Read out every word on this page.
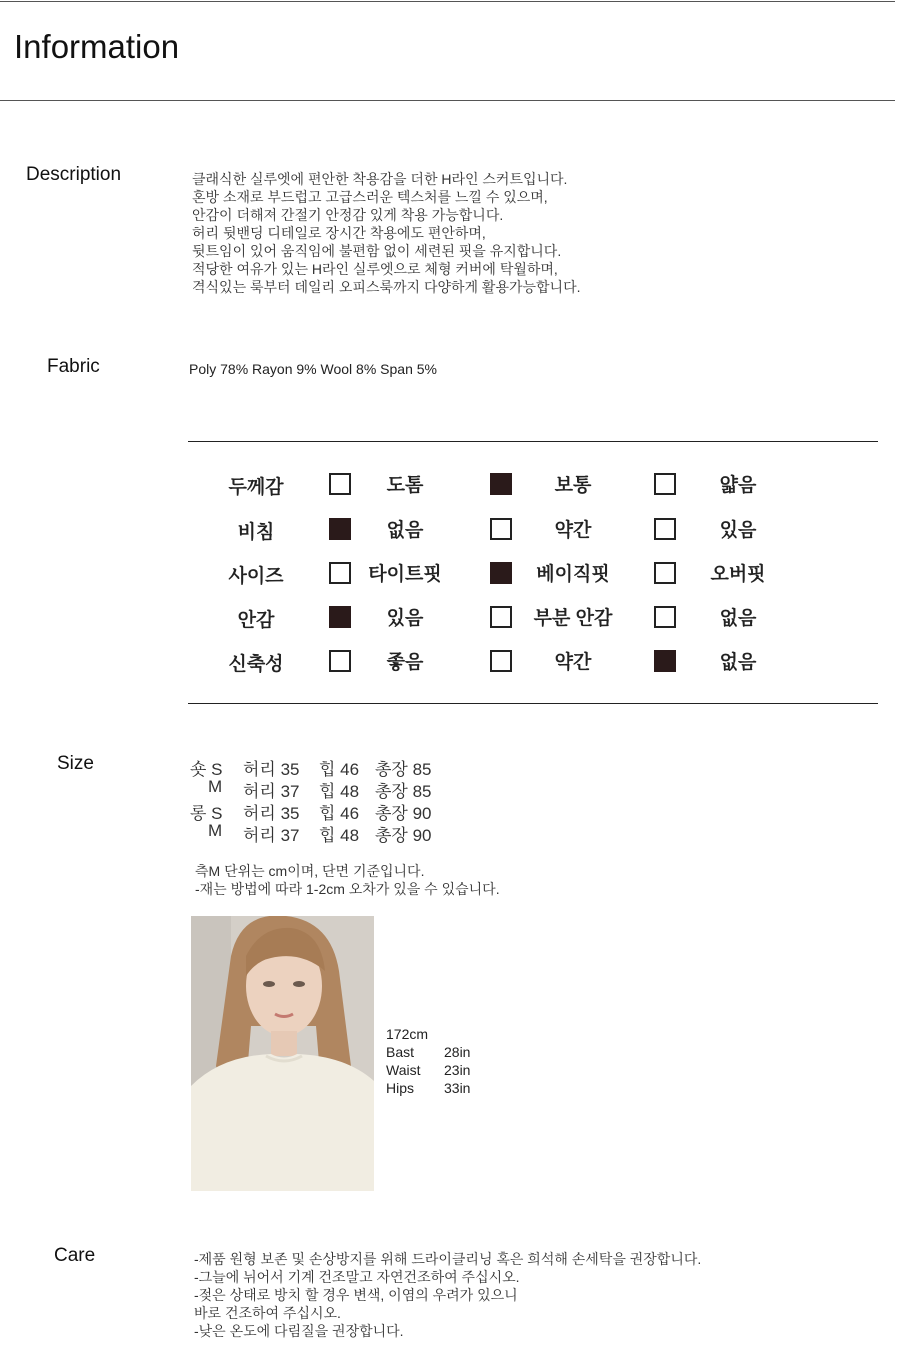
Information
Description	클래식한 실루엣에 편안한 착용감을 더한 H라인 스커트입니다.
혼방 소재로 부드럽고 고급스러운 텍스처를 느낄 수 있으며,
안감이 더해져 간절기 안정감 있게 착용 가능합니다.
허리 뒷밴딩 디테일로 장시간 착용에도 편안하며,
뒷트임이 있어 움직임에 불편함 없이 세련된 핏을 유지합니다.
적당한 여유가 있는 H라인 실루엣으로 체형 커버에 탁월하며,
격식있는 룩부터 데일리 오피스룩까지 다양하게 활용가능합니다.
Fabric	Poly 78% Rayon 9% Wool 8% Span 5%
두께감	도톰	보통	얇음
비침	없음	약간	있음
사이즈	타이트핏	베이직핏	오버핏
안감	있음	부분 안감	없음
신축성	좋음	약간	없음
Size	숏 S 허리 35 힙 46 총장 85
M 허리 37 힙 48 총장 85
롱 S 허리 35 힙 46 총장 90
M 허리 37 힙 48 총장 90
측M 단위는 cm이며, 단면 기준입니다.
-재는 방법에 따라 1-2cm 오차가 있을 수 있습니다.
172cm
Bast 28in
Waist 23in
Hips 33in
Care	-제품 원형 보존 및 손상방지를 위해 드라이클리닝 혹은 희석해 손세탁을 권장합니다.
-그늘에 뉘어서 기계 건조말고 자연건조하여 주십시오.
-젖은 상태로 방치 할 경우 변색, 이염의 우려가 있으니
바로 건조하여 주십시오.
-낮은 온도에 다림질을 권장합니다.
